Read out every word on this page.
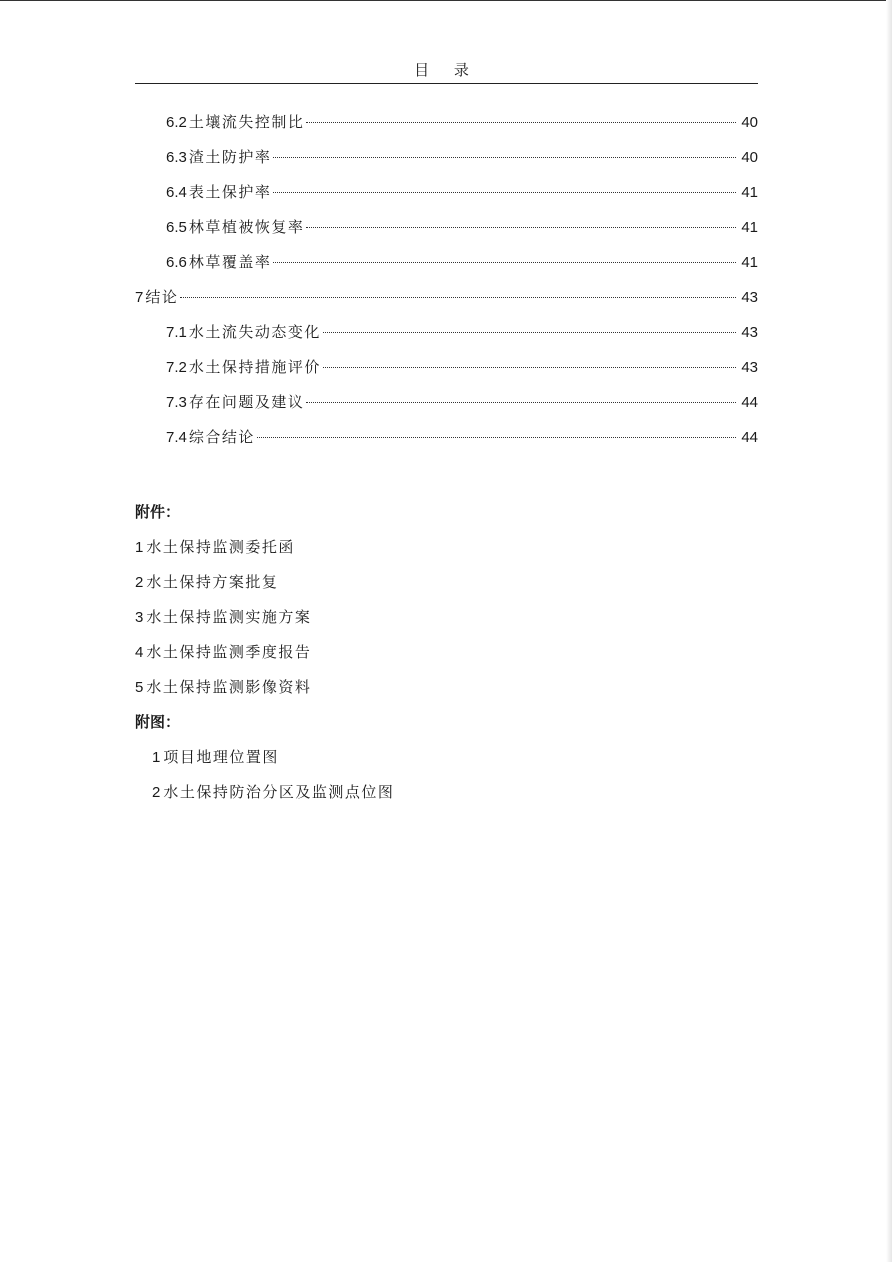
目 录
6.2 土壤流失控制比	40
6.3 渣土防护率	40
6.4 表土保护率	41
6.5 林草植被恢复率	41
6.6 林草覆盖率	41
7 结论	43
7.1 水土流失动态变化	43
7.2 水土保持措施评价	43
7.3 存在问题及建议	44
7.4 综合结论	44
附件：
1 水土保持监测委托函
2 水土保持方案批复
3 水土保持监测实施方案
4 水土保持监测季度报告
5 水土保持监测影像资料
附图：
1 项目地理位置图
2 水土保持防治分区及监测点位图
